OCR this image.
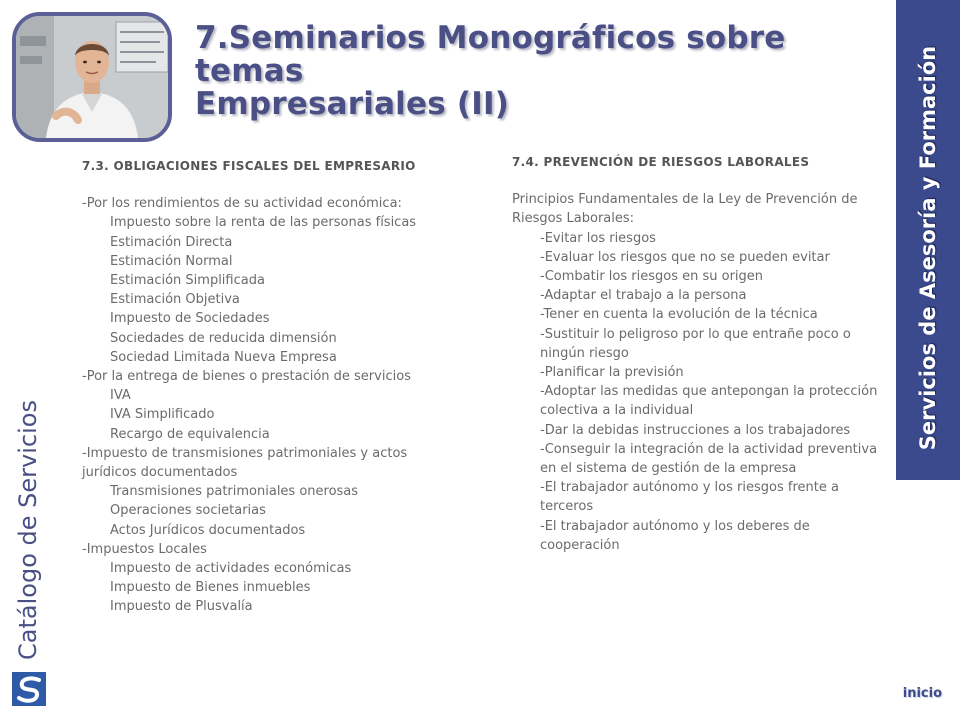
7.Seminarios Monográficos sobre temas
Empresariales (II)	Servicios de Asesoría y Formación
Catálogo de Servicios
7.3. OBLIGACIONES FISCALES DEL EMPRESARIO
-Por los rendimientos de su actividad económica:
Impuesto sobre la renta de las personas físicas
Estimación Directa
Estimación Normal
Estimación Simplificada
Estimación Objetiva
Impuesto de Sociedades
Sociedades de reducida dimensión
Sociedad Limitada Nueva Empresa
-Por la entrega de bienes o prestación de servicios
IVA
IVA Simplificado
Recargo de equivalencia
-Impuesto de transmisiones patrimoniales y actos jurídicos documentados
Transmisiones patrimoniales onerosas
Operaciones societarias
Actos Jurídicos documentados
-Impuestos Locales
Impuesto de actividades económicas
Impuesto de Bienes inmuebles
Impuesto de Plusvalía
7.4. PREVENCIÓN DE RIESGOS LABORALES
Principios Fundamentales de la Ley de Prevención de Riesgos Laborales:
-Evitar los riesgos
-Evaluar los riesgos que no se pueden evitar
-Combatir los riesgos en su origen
-Adaptar el trabajo a la persona
-Tener en cuenta la evolución de la técnica
-Sustituir lo peligroso por lo que entrañe poco o ningún riesgo
-Planificar la previsión
-Adoptar las medidas que antepongan la protección colectiva a la individual
-Dar la debidas instrucciones a los trabajadores
-Conseguir la integración de la actividad preventiva en el sistema de gestión de la empresa
-El trabajador autónomo y los riesgos frente a terceros
-El trabajador autónomo y los deberes de cooperación
inicio
